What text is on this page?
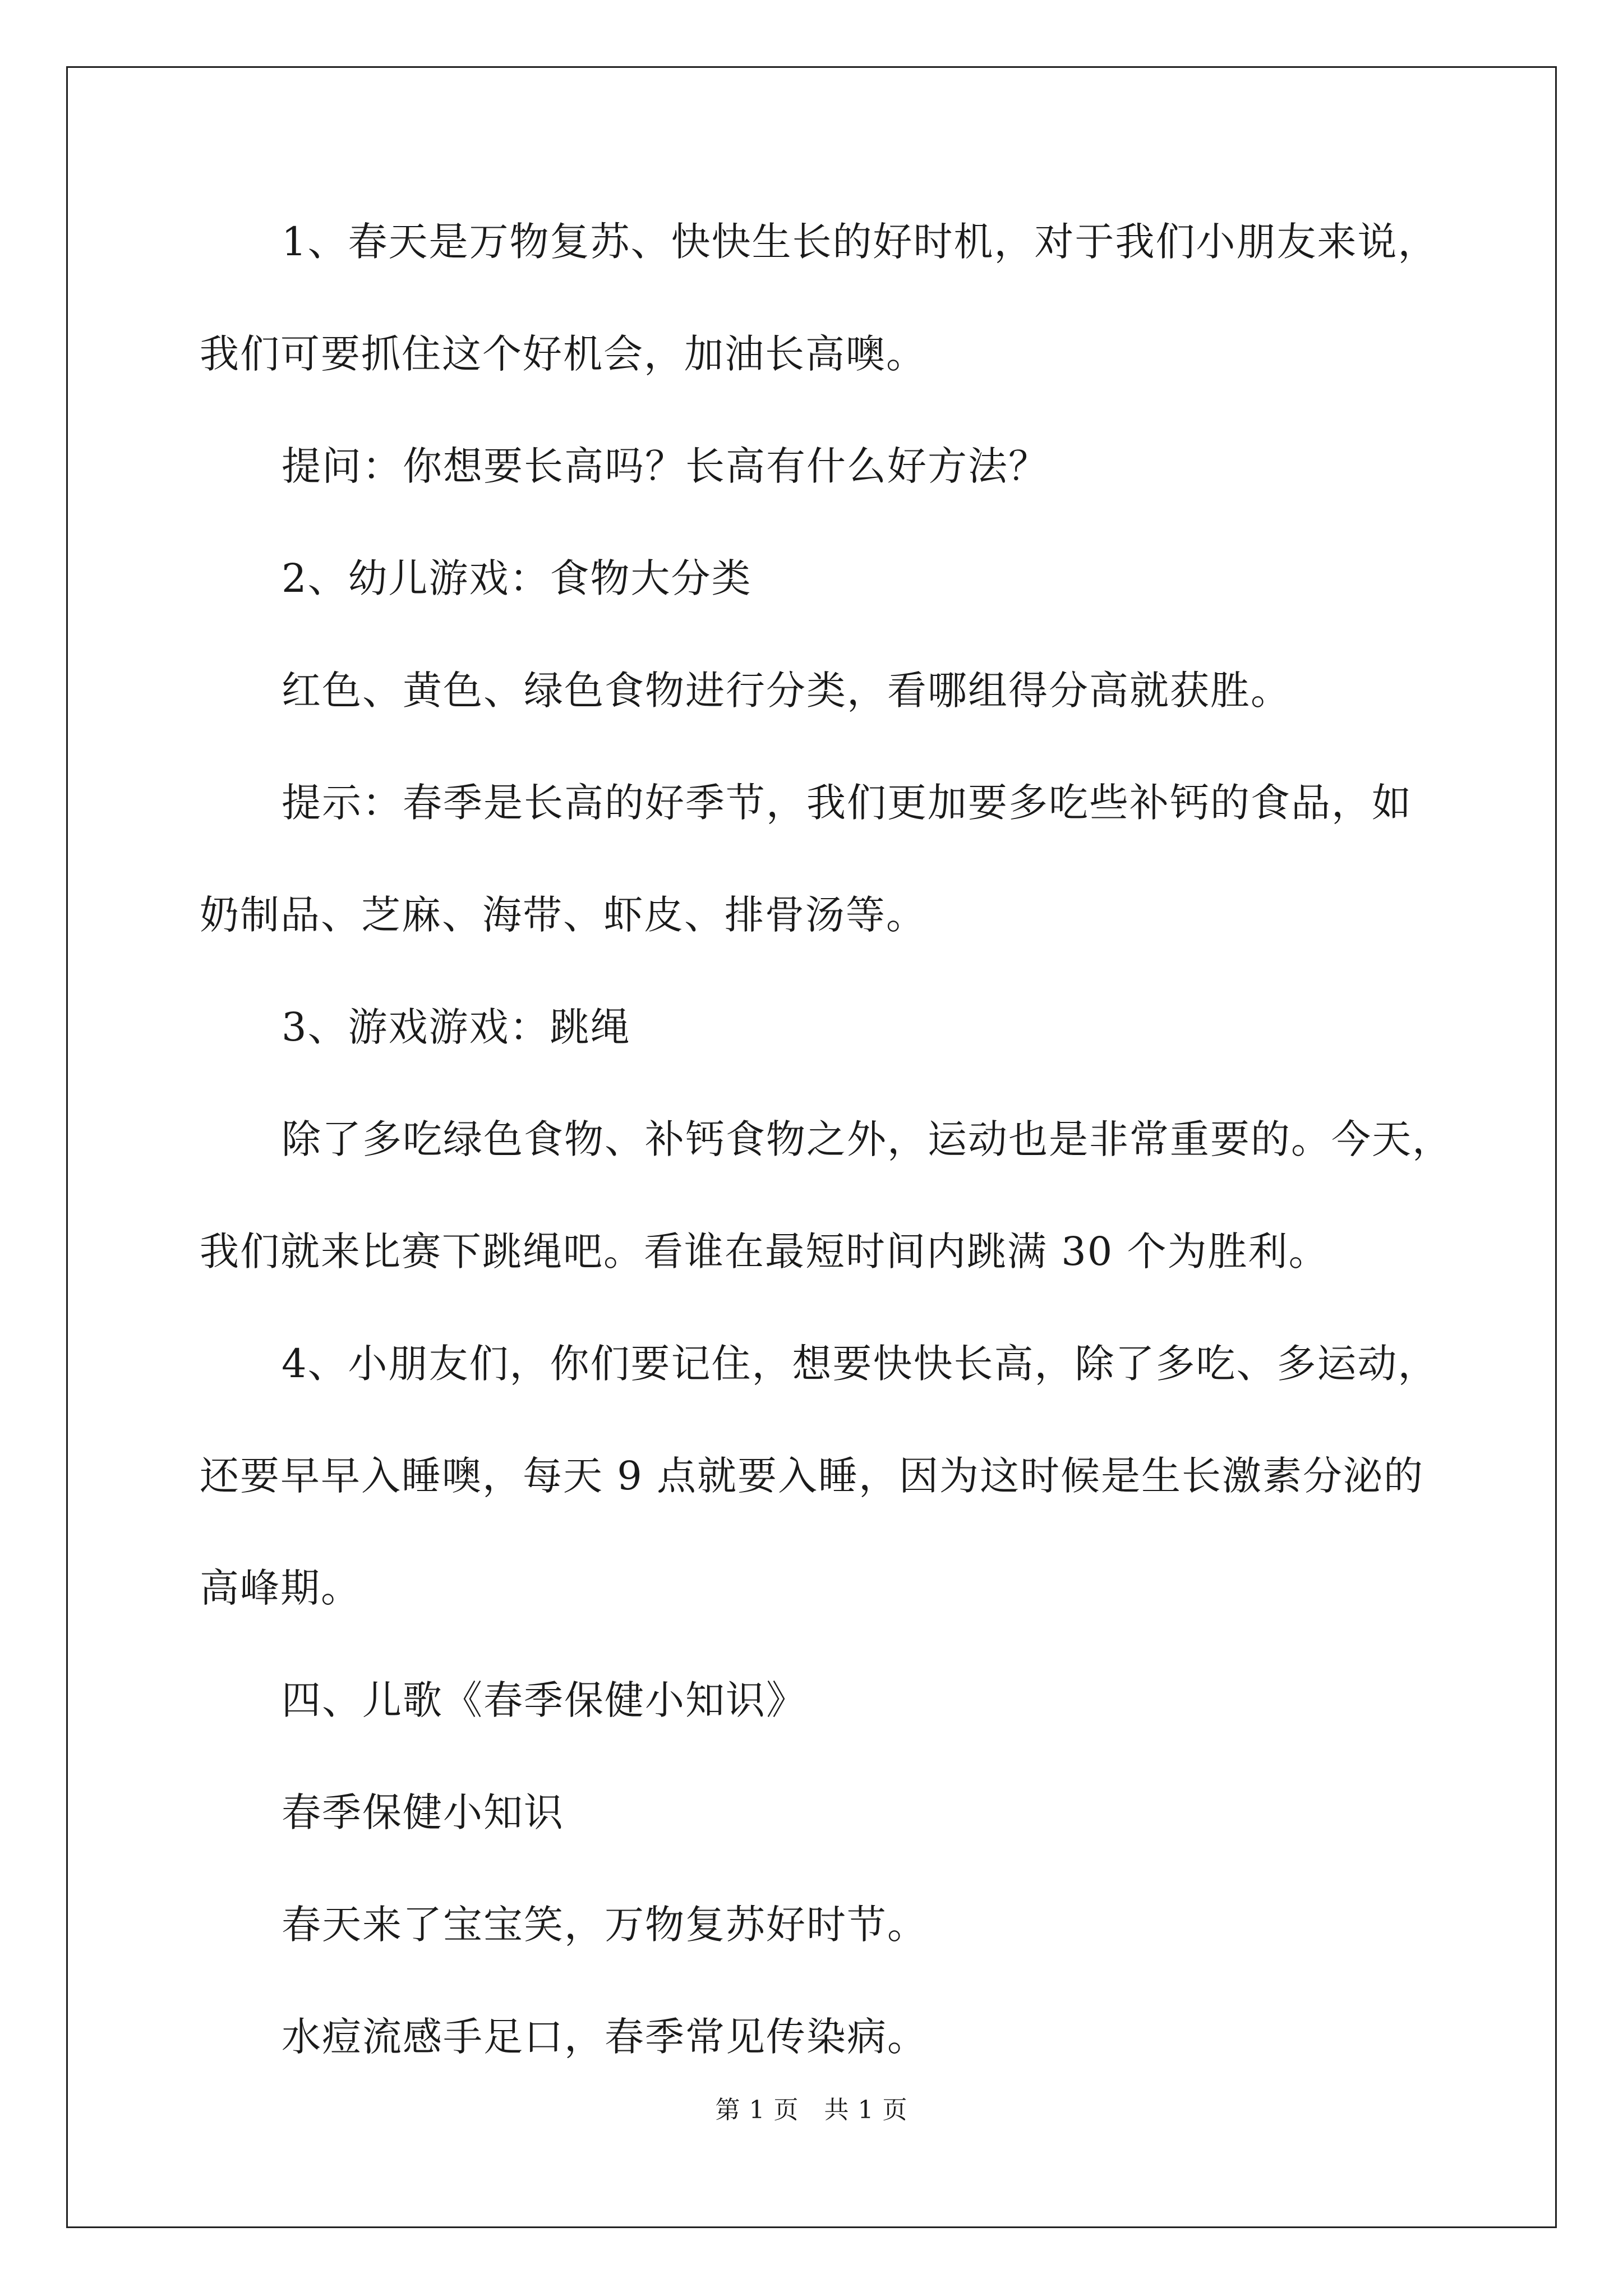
1、春天是万物复苏、快快生长的好时机，对于我们小朋友来说，
我们可要抓住这个好机会，加油长高噢。
提问：你想要长高吗？长高有什么好方法？
2、幼儿游戏：食物大分类
红色、黄色、绿色食物进行分类，看哪组得分高就获胜。
提示：春季是长高的好季节，我们更加要多吃些补钙的食品，如
奶制品、芝麻、海带、虾皮、排骨汤等。
3、游戏游戏：跳绳
除了多吃绿色食物、补钙食物之外，运动也是非常重要的。今天，
我们就来比赛下跳绳吧。看谁在最短时间内跳满 30 个为胜利。
4、小朋友们，你们要记住，想要快快长高，除了多吃、多运动，
还要早早入睡噢，每天 9 点就要入睡，因为这时候是生长激素分泌的
高峰期。
四、儿歌《春季保健小知识》
春季保健小知识
春天来了宝宝笑，万物复苏好时节。
水痘流感手足口，春季常见传染病。
第 1 页　共 1 页
